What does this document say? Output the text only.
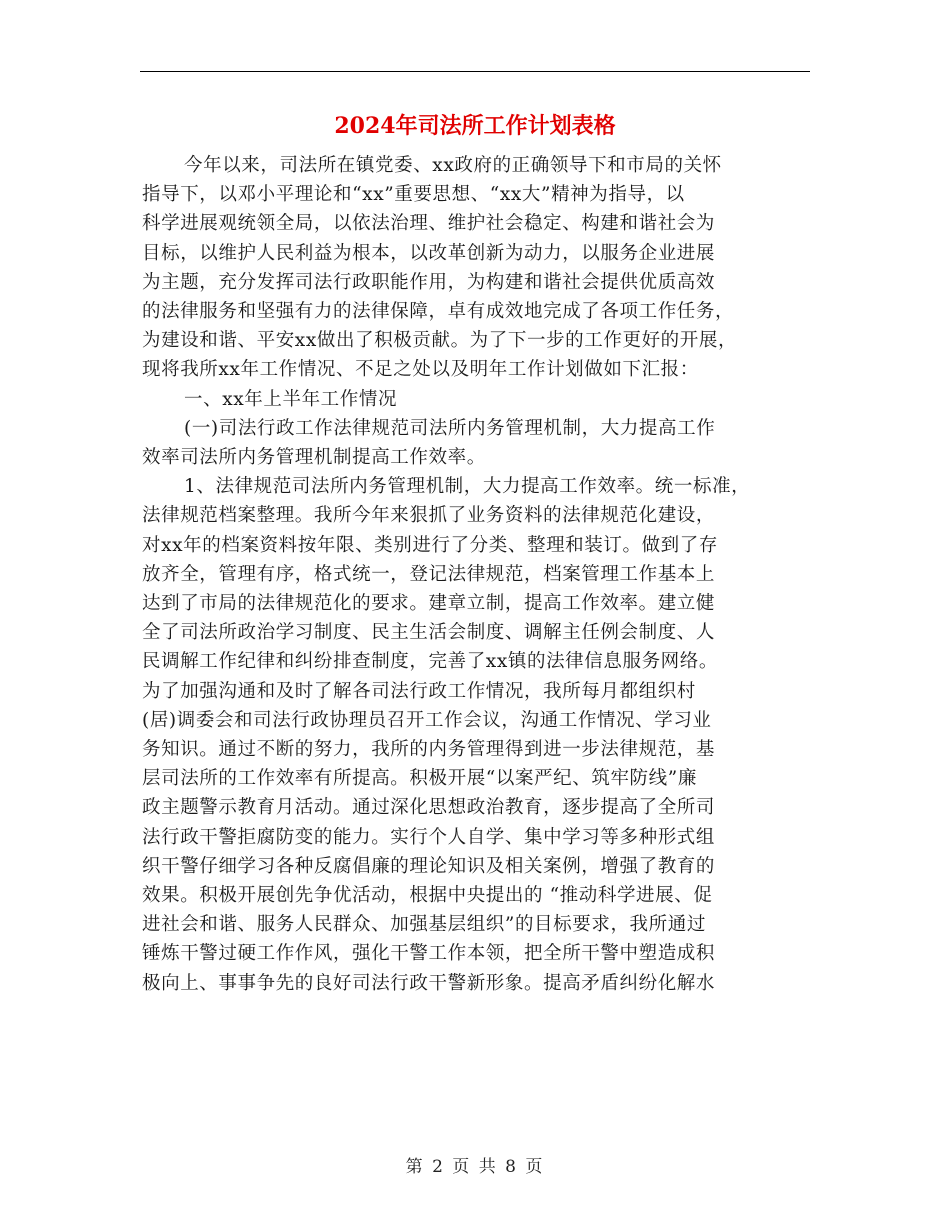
2024年司法所工作计划表格

今年以来，司法所在镇党委、xx政府的正确领导下和市局的关怀
指导下，以邓小平理论和“xx”重要思想、“xx大”精神为指导，以
科学进展观统领全局，以依法治理、维护社会稳定、构建和谐社会为
目标，以维护人民利益为根本，以改革创新为动力，以服务企业进展
为主题，充分发挥司法行政职能作用，为构建和谐社会提供优质高效
的法律服务和坚强有力的法律保障，卓有成效地完成了各项工作任务，
为建设和谐、平安xx做出了积极贡献。为了下一步的工作更好的开展，
现将我所xx年工作情况、不足之处以及明年工作计划做如下汇报：

一、xx年上半年工作情况

(一)司法行政工作法律规范司法所内务管理机制，大力提高工作
效率司法所内务管理机制提高工作效率。

1、法律规范司法所内务管理机制，大力提高工作效率。统一标准，
法律规范档案整理。我所今年来狠抓了业务资料的法律规范化建设，
对xx年的档案资料按年限、类别进行了分类、整理和装订。做到了存
放齐全，管理有序，格式统一，登记法律规范，档案管理工作基本上
达到了市局的法律规范化的要求。建章立制，提高工作效率。建立健
全了司法所政治学习制度、民主生活会制度、调解主任例会制度、人
民调解工作纪律和纠纷排查制度，完善了xx镇的法律信息服务网络。
为了加强沟通和及时了解各司法行政工作情况，我所每月都组织村
(居)调委会和司法行政协理员召开工作会议，沟通工作情况、学习业
务知识。通过不断的努力，我所的内务管理得到进一步法律规范，基
层司法所的工作效率有所提高。积极开展“以案严纪、筑牢防线”廉
政主题警示教育月活动。通过深化思想政治教育，逐步提高了全所司
法行政干警拒腐防变的能力。实行个人自学、集中学习等多种形式组
织干警仔细学习各种反腐倡廉的理论知识及相关案例，增强了教育的
效果。积极开展创先争优活动，根据中央提出的 “推动科学进展、促
进社会和谐、服务人民群众、加强基层组织”的目标要求，我所通过
锤炼干警过硬工作作风，强化干警工作本领，把全所干警中塑造成积
极向上、事事争先的良好司法行政干警新形象。提高矛盾纠纷化解水

第 2 页 共 8 页
